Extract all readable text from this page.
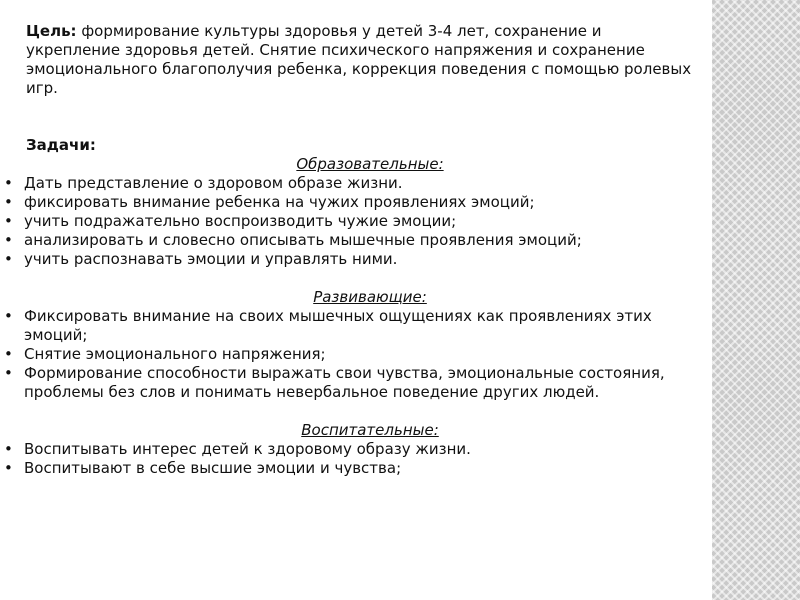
Цель: формирование культуры здоровья у детей 3-4 лет, сохранение и укрепление здоровья детей. Снятие психического напряжения и сохранение эмоционального благополучия ребенка, коррекция поведения с помощью ролевых игр.

Задачи:
Образовательные:
• Дать представление о здоровом образе жизни.
• фиксировать внимание ребенка на чужих проявлениях эмоций;
• учить подражательно воспроизводить чужие эмоции;
• анализировать и словесно описывать мышечные проявления эмоций;
• учить распознавать эмоции и управлять ними.
Развивающие:
• Фиксировать внимание на своих мышечных ощущениях как проявлениях этих эмоций;
• Снятие эмоционального напряжения;
• Формирование способности выражать свои чувства, эмоциональные состояния, проблемы без слов и понимать невербальное поведение других людей.
Воспитательные:
• Воспитывать интерес детей к здоровому образу жизни.
• Воспитывают в себе высшие эмоции и чувства;
